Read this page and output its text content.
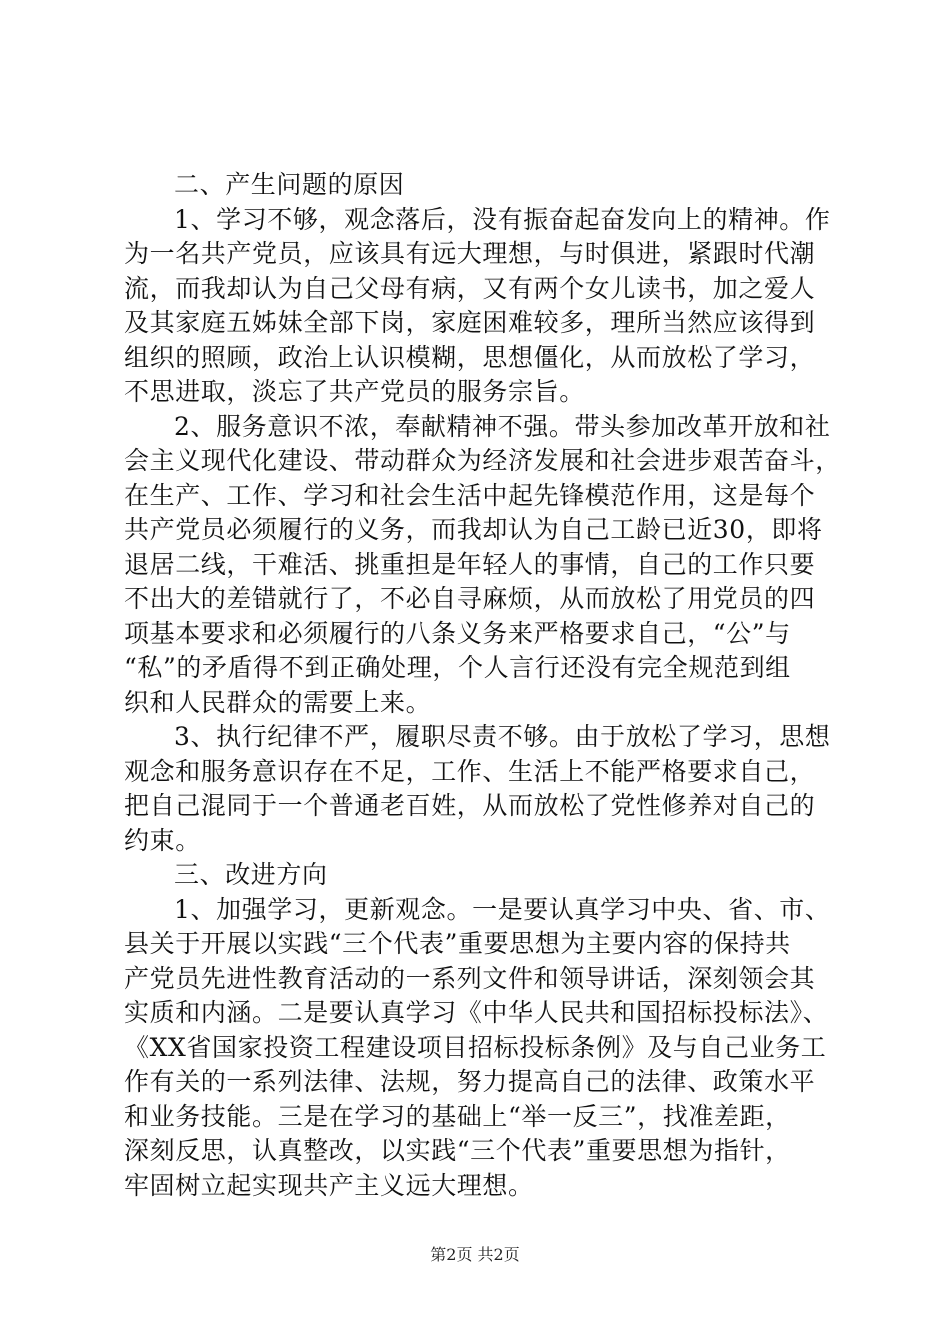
二、产生问题的原因
1、学习不够，观念落后，没有振奋起奋发向上的精神。作
为一名共产党员，应该具有远大理想，与时俱进，紧跟时代潮
流，而我却认为自己父母有病，又有两个女儿读书，加之爱人
及其家庭五姊妹全部下岗，家庭困难较多，理所当然应该得到
组织的照顾，政治上认识模糊，思想僵化，从而放松了学习，
不思进取，淡忘了共产党员的服务宗旨。
2、服务意识不浓，奉献精神不强。带头参加改革开放和社
会主义现代化建设、带动群众为经济发展和社会进步艰苦奋斗，
在生产、工作、学习和社会生活中起先锋模范作用，这是每个
共产党员必须履行的义务，而我却认为自己工龄已近30，即将
退居二线，干难活、挑重担是年轻人的事情，自己的工作只要
不出大的差错就行了，不必自寻麻烦，从而放松了用党员的四
项基本要求和必须履行的八条义务来严格要求自己，“公”与
“私”的矛盾得不到正确处理，个人言行还没有完全规范到组
织和人民群众的需要上来。
3、执行纪律不严，履职尽责不够。由于放松了学习，思想
观念和服务意识存在不足，工作、生活上不能严格要求自己，
把自己混同于一个普通老百姓，从而放松了党性修养对自己的
约束。
三、改进方向
1、加强学习，更新观念。一是要认真学习中央、省、市、
县关于开展以实践“三个代表”重要思想为主要内容的保持共
产党员先进性教育活动的一系列文件和领导讲话，深刻领会其
实质和内涵。二是要认真学习《中华人民共和国招标投标法》、
《XX省国家投资工程建设项目招标投标条例》及与自己业务工
作有关的一系列法律、法规，努力提高自己的法律、政策水平
和业务技能。三是在学习的基础上“举一反三”，找准差距，
深刻反思，认真整改，以实践“三个代表”重要思想为指针，
牢固树立起实现共产主义远大理想。
第2页 共2页
